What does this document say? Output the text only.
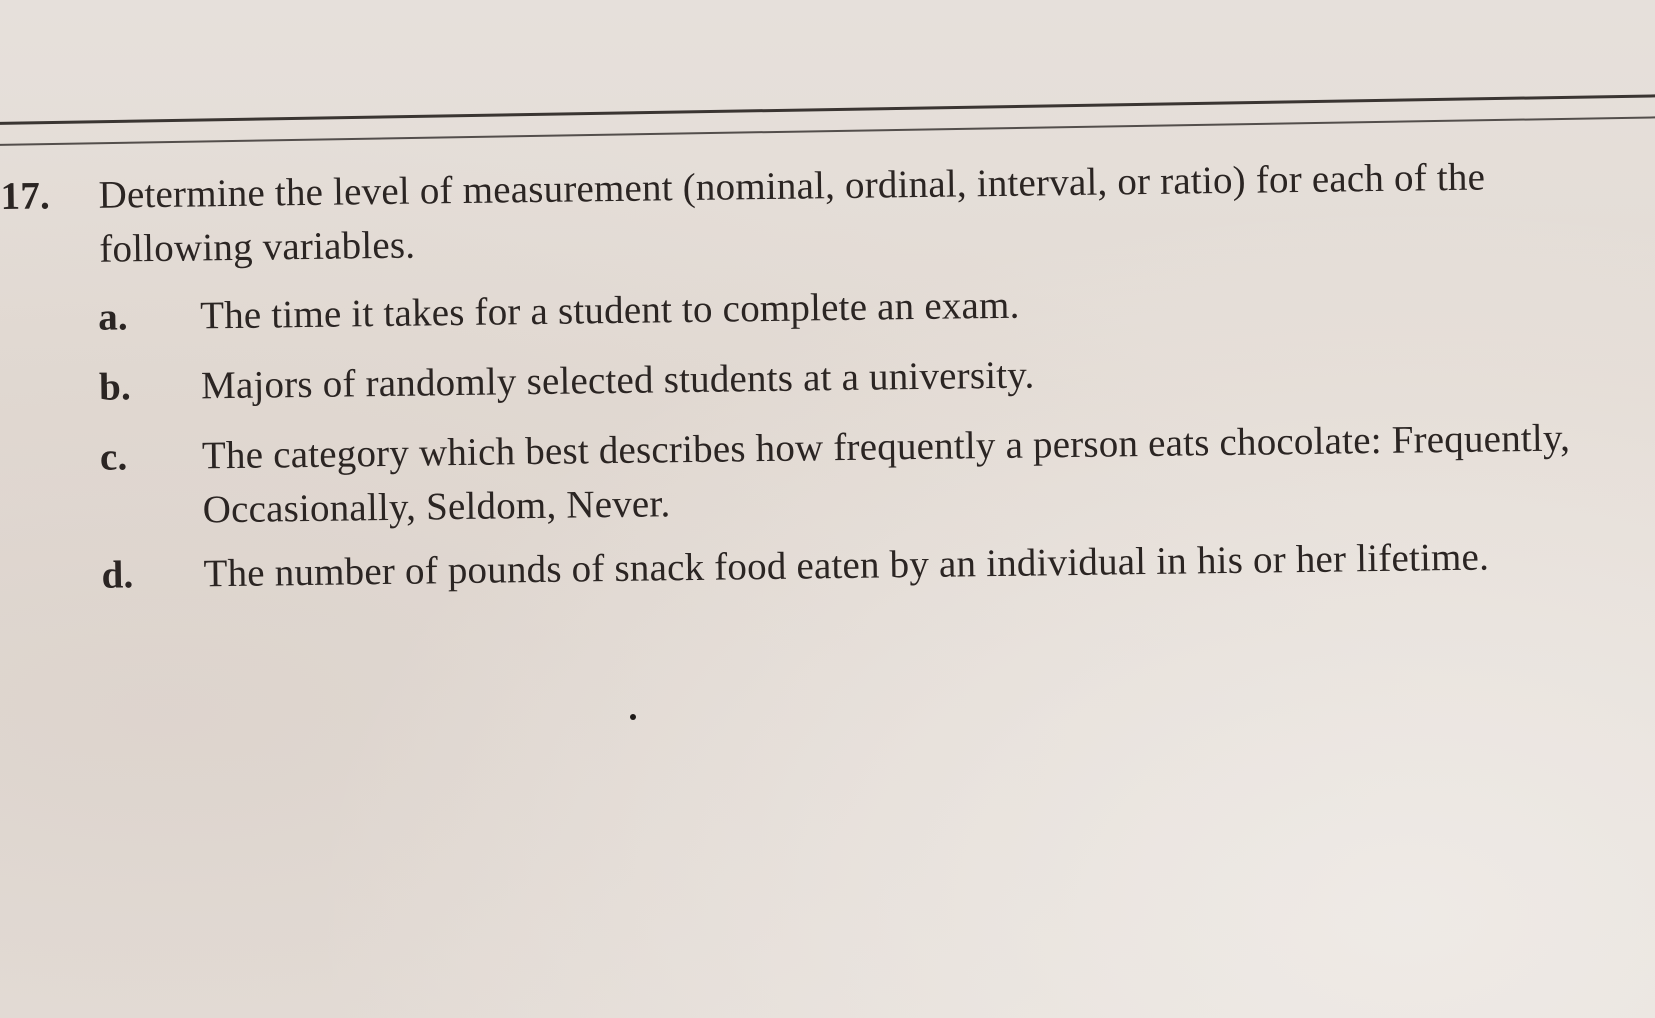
17. Determine the level of measurement (nominal, ordinal, interval, or ratio) for each of the following variables.
a. The time it takes for a student to complete an exam.
b. Majors of randomly selected students at a university.
c. The category which best describes how frequently a person eats chocolate: Frequently, Occasionally, Seldom, Never.
d. The number of pounds of snack food eaten by an individual in his or her lifetime.
